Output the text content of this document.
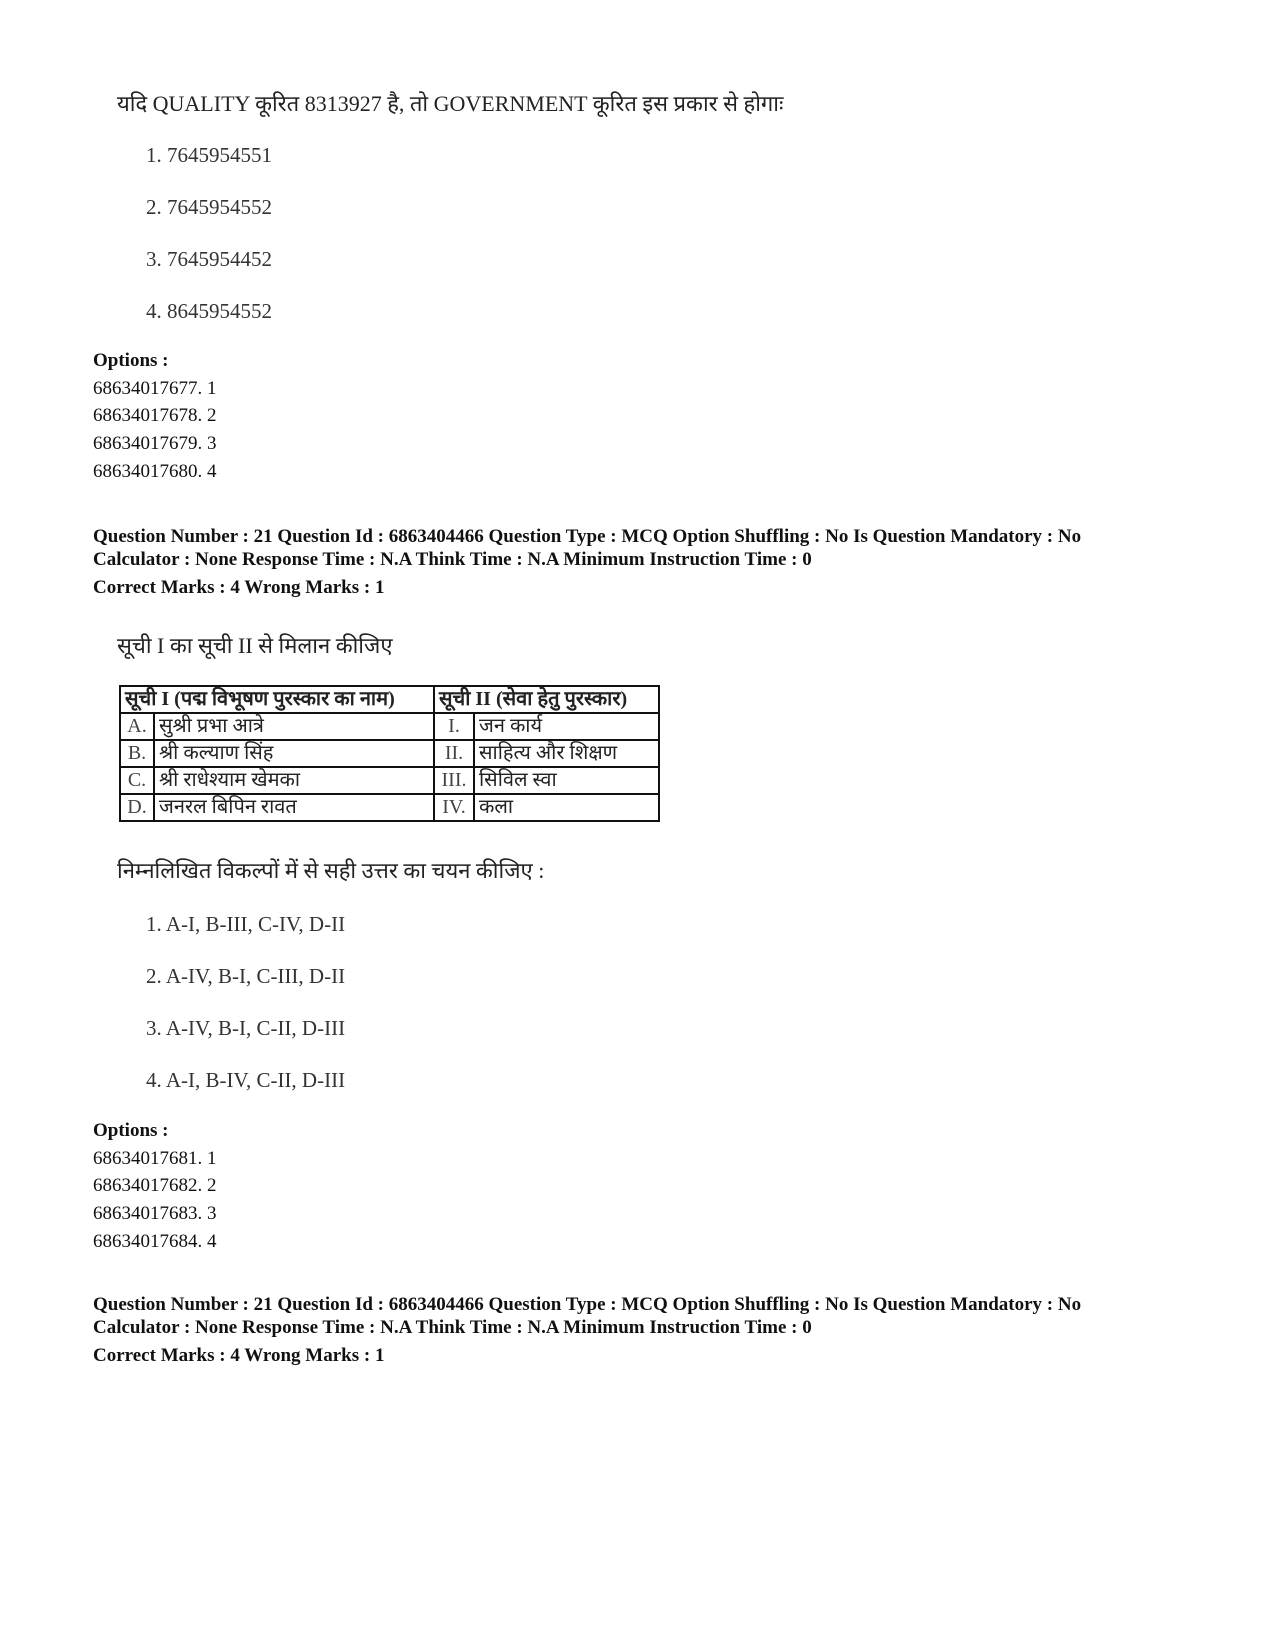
यदि QUALITY कूरित 8313927 है, तो GOVERNMENT कूरित इस प्रकार से होगाः
1. 7645954551
2. 7645954552
3. 7645954452
4. 8645954552
Options :
68634017677. 1
68634017678. 2
68634017679. 3
68634017680. 4
Question Number : 21 Question Id : 6863404466 Question Type : MCQ Option Shuffling : No Is Question Mandatory : No
Calculator : None Response Time : N.A Think Time : N.A Minimum Instruction Time : 0
Correct Marks : 4 Wrong Marks : 1
सूची I का सूची II से मिलान कीजिए
सूची I (पद्म विभूषण पुरस्कार का नाम)		सूची II (सेवा हेतु पुरस्कार)	
A.	सुश्री प्रभा आत्रे	I.	जन कार्य
B.	श्री कल्याण सिंह	II.	साहित्य और शिक्षण
C.	श्री राधेश्याम खेमका	III.	सिविल स्वा
D.	जनरल बिपिन रावत	IV.	कला
निम्नलिखित विकल्पों में से सही उत्तर का चयन कीजिए :
1. A-I, B-III, C-IV, D-II
2. A-IV, B-I, C-III, D-II
3. A-IV, B-I, C-II, D-III
4. A-I, B-IV, C-II, D-III
Options :
68634017681. 1
68634017682. 2
68634017683. 3
68634017684. 4
Question Number : 21 Question Id : 6863404466 Question Type : MCQ Option Shuffling : No Is Question Mandatory : No
Calculator : None Response Time : N.A Think Time : N.A Minimum Instruction Time : 0
Correct Marks : 4 Wrong Marks : 1
